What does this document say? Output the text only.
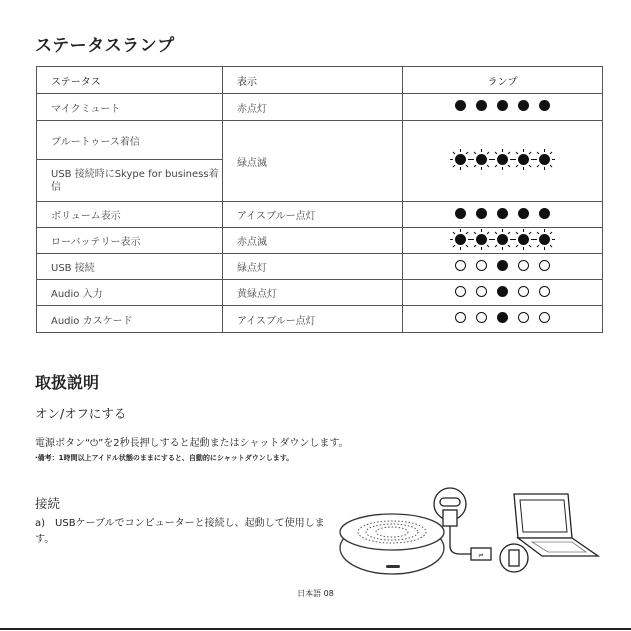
ステータスランプ
ステータス	表示	ランプ
マイクミュート	赤点灯	

ブルートゥース着信	緑点滅	

USB 接続時にSkype for business着信		
ボリューム表示	アイスブルー点灯	

ローバッテリー表示	赤点滅	

USB 接続	緑点灯	

Audio 入力	黄緑点灯	

Audio カスケード	アイスブルー点灯	
取扱説明
オン/オフにする
電源ボタン“⏻”を2秒長押しすると起動またはシャットダウンします。
·備考：1時間以上アイドル状態のままにすると、自動的にシャットダウンします。
接続
a)　USBケーブルでコンピューターと接続し、起動して使用します。
⇌
日本語 08
